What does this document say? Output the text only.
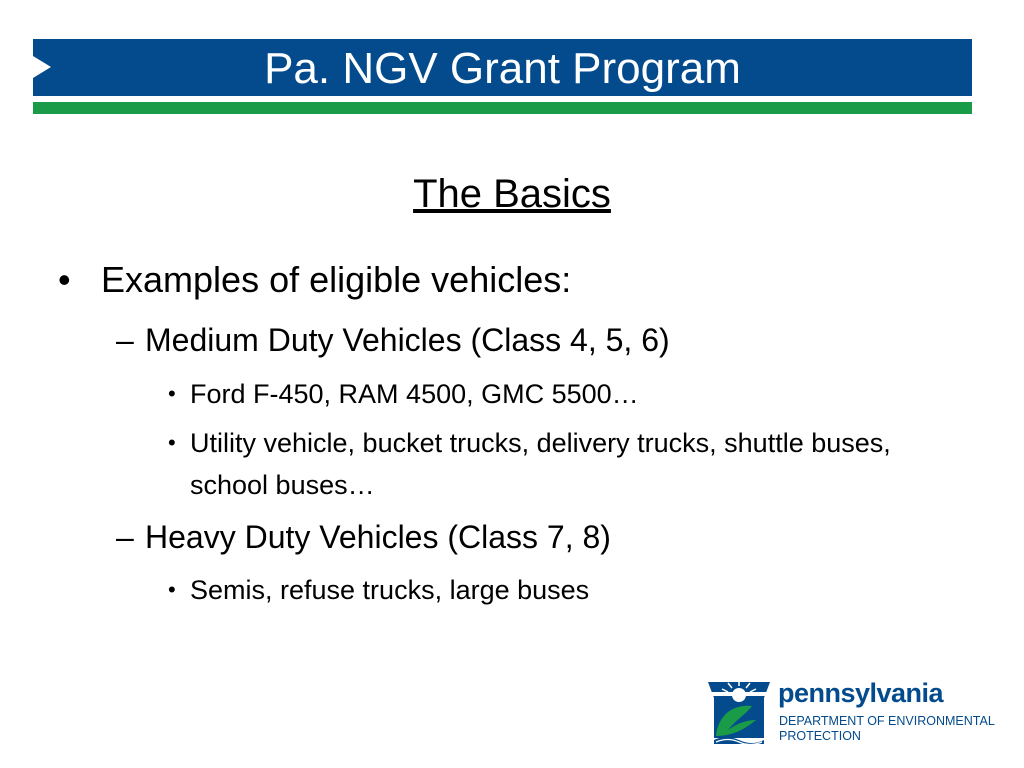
Pa. NGV Grant Program
The Basics
• Examples of eligible vehicles:
– Medium Duty Vehicles (Class 4, 5, 6)
• Ford F-450, RAM 4500, GMC 5500…
• Utility vehicle, bucket trucks, delivery trucks, shuttle buses, school buses…
– Heavy Duty Vehicles (Class 7, 8)
• Semis, refuse trucks, large buses
pennsylvania
DEPARTMENT OF ENVIRONMENTAL PROTECTION
